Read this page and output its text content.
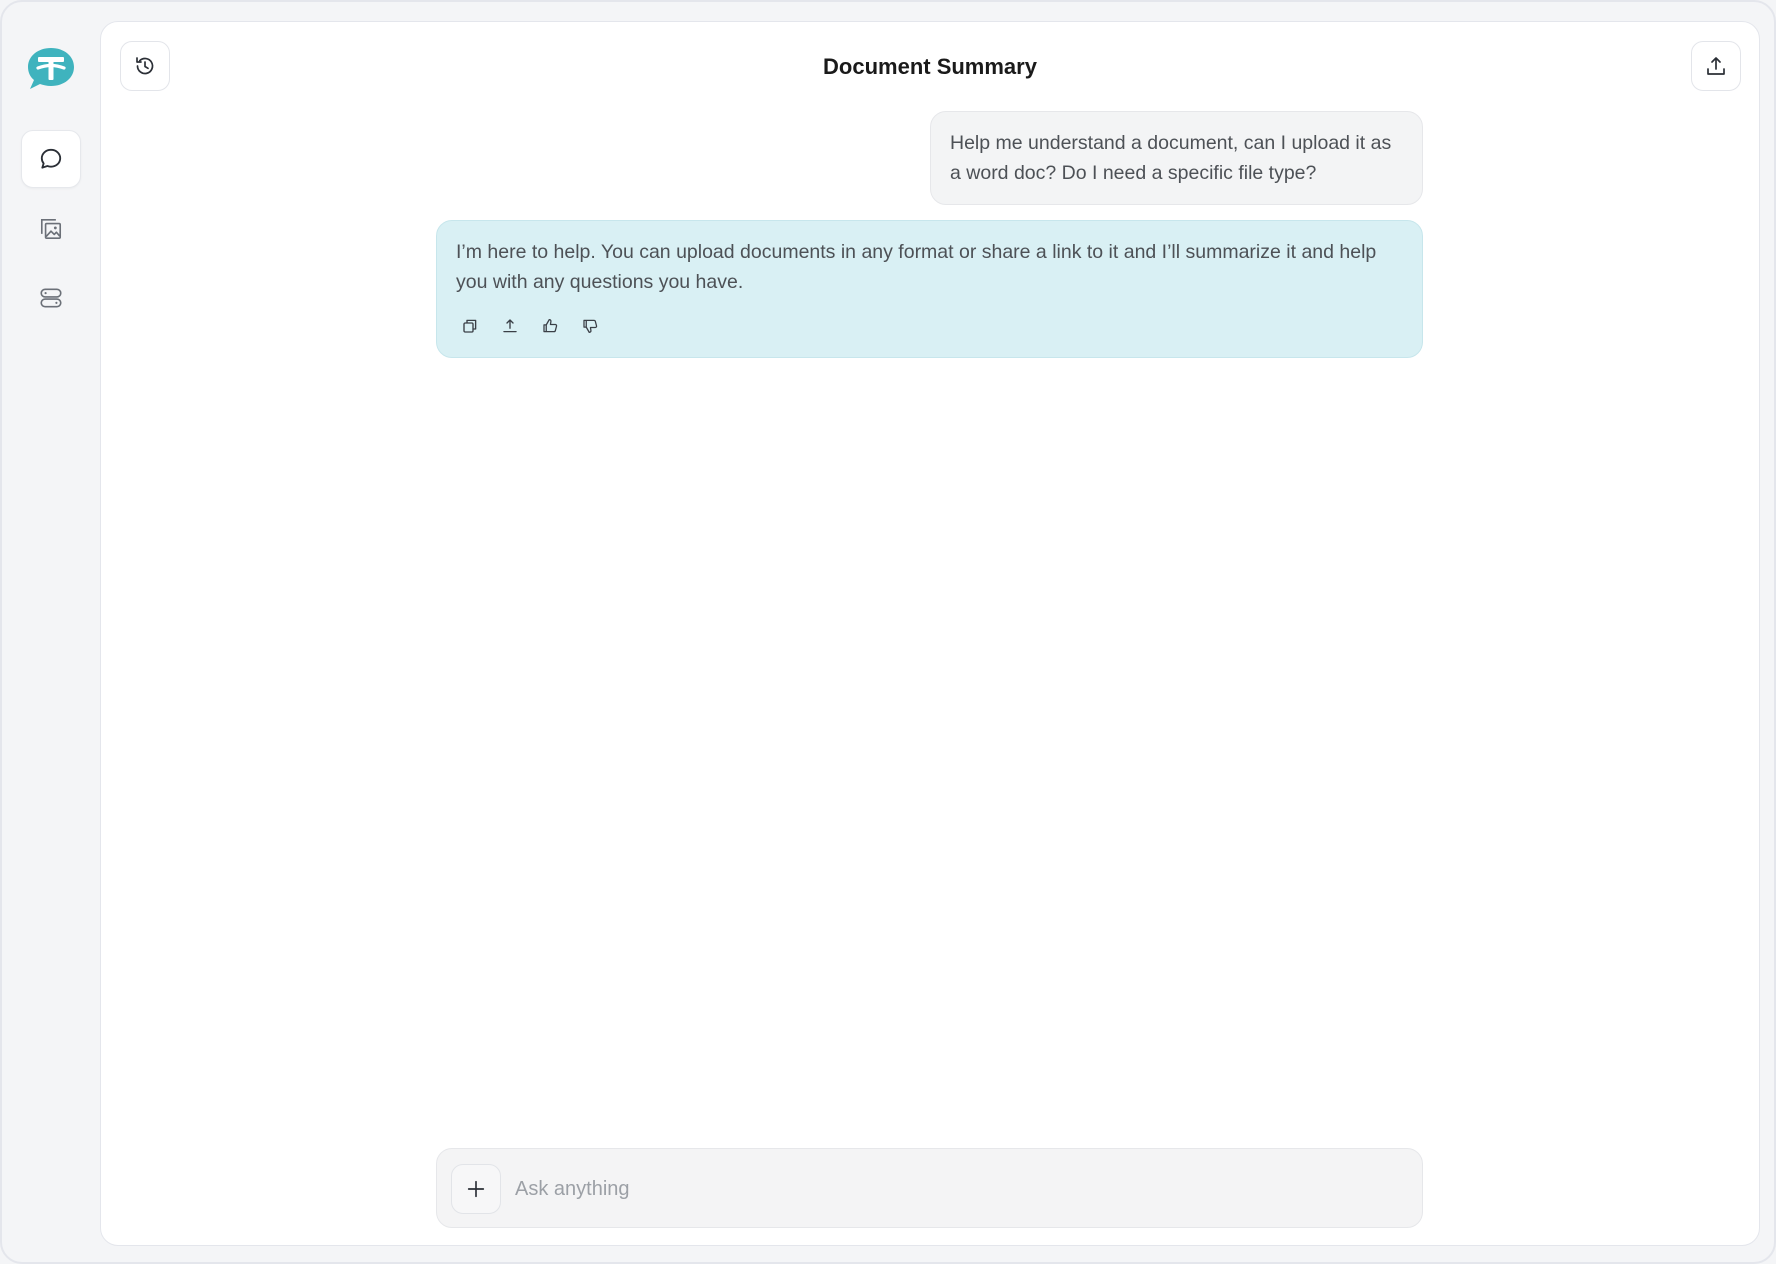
Document Summary
Help me understand a document, can I upload it as a word doc? Do I need a specific file type?
I’m here to help. You can upload documents in any format or share a link to it and I’ll summarize it and help you with any questions you have.
Ask anything
